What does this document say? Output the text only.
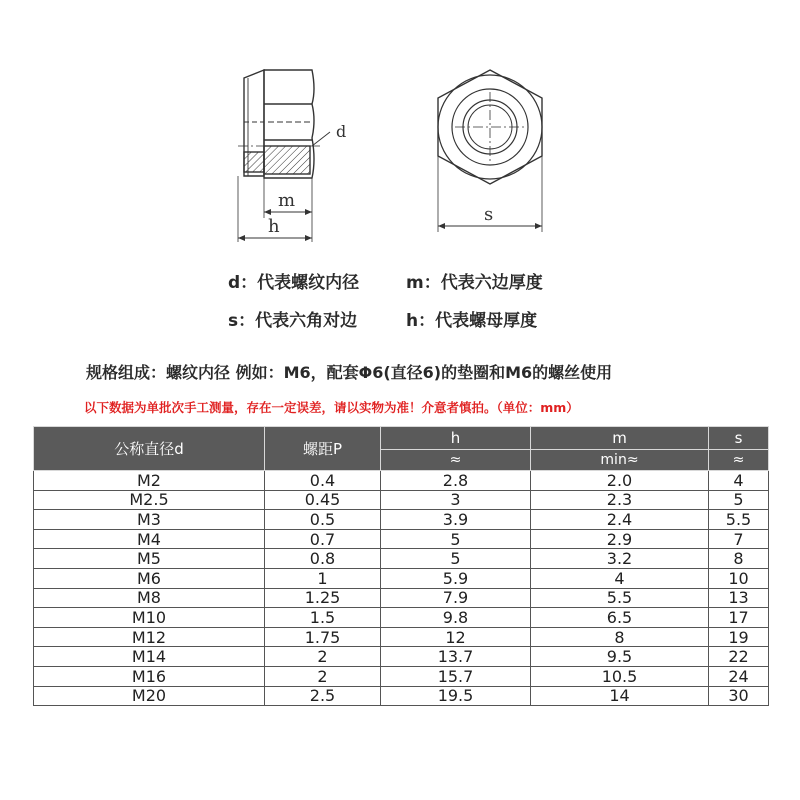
d
m
h
s
d：代表螺纹内径	m：代表六边厚度
s：代表六角对边	h：代表螺母厚度
规格组成：螺纹内径 例如：M6，配套Φ6(直径6)的垫圈和M6的螺丝使用
以下数据为单批次手工测量，存在一定误差，请以实物为准！介意者慎拍。（单位：mm）
公称直径d	螺距P	h	m	s
		≈	min≈	≈
M2	0.4	2.8	2.0	4
M2.5	0.45	3	2.3	5
M3	0.5	3.9	2.4	5.5
M4	0.7	5	2.9	7
M5	0.8	5	3.2	8
M6	1	5.9	4	10
M8	1.25	7.9	5.5	13
M10	1.5	9.8	6.5	17
M12	1.75	12	8	19
M14	2	13.7	9.5	22
M16	2	15.7	10.5	24
M20	2.5	19.5	14	30
